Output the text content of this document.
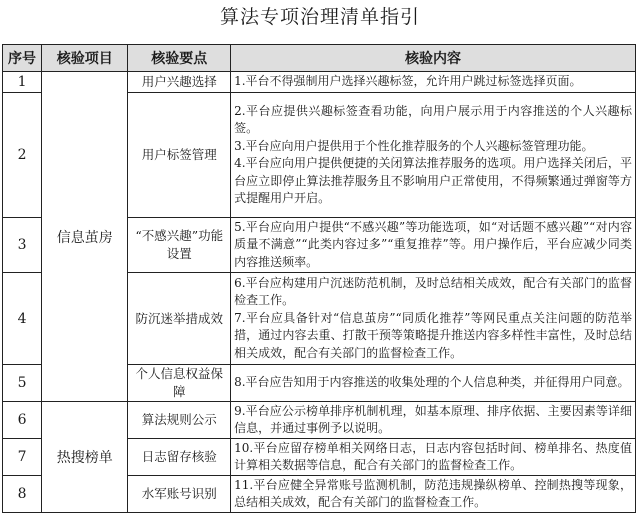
算法专项治理清单指引
序号	核验项目	核验要点	核验内容
1	信息茧房	用户兴趣选择	1.平台不得强制用户选择兴趣标签，允许用户跳过标签选择页面。

2		用户标签管理	2.平台应提供兴趣标签查看功能，向用户展示用于内容推送的个人兴趣标签。
3.平台应向用户提供用于个性化推荐服务的个人兴趣标签管理功能。
4.平台应向用户提供便捷的关闭算法推荐服务的选项。用户选择关闭后，平台应立即停止算法推荐服务且不影响用户正常使用，不得频繁通过弹窗等方式提醒用户开启。

3		“不感兴趣”功能设置	5.平台应向用户提供“不感兴趣”等功能选项，如“对话题不感兴趣”“对内容质量不满意”“此类内容过多”“重复推荐”等。用户操作后，平台应减少同类内容推送频率。

4		防沉迷举措成效	6.平台应构建用户沉迷防范机制，及时总结相关成效，配合有关部门的监督检查工作。
7.平台应具备针对“信息茧房”“同质化推荐”等网民重点关注问题的防范举措，通过内容去重、打散干预等策略提升推送内容多样性丰富性，及时总结相关成效，配合有关部门的监督检查工作。

5		个人信息权益保障	8.平台应告知用于内容推送的收集处理的个人信息种类，并征得用户同意。

6	热搜榜单	算法规则公示	9.平台应公示榜单排序机制机理，如基本原理、排序依据、主要因素等详细信息，并通过事例予以说明。

7		日志留存核验	10.平台应留存榜单相关网络日志，日志内容包括时间、榜单排名、热度值计算相关数据等信息，配合有关部门的监督检查工作。

8		水军账号识别	11.平台应健全异常账号监测机制，防范违规操纵榜单、控制热搜等现象，总结相关成效，配合有关部门的监督检查工作。
